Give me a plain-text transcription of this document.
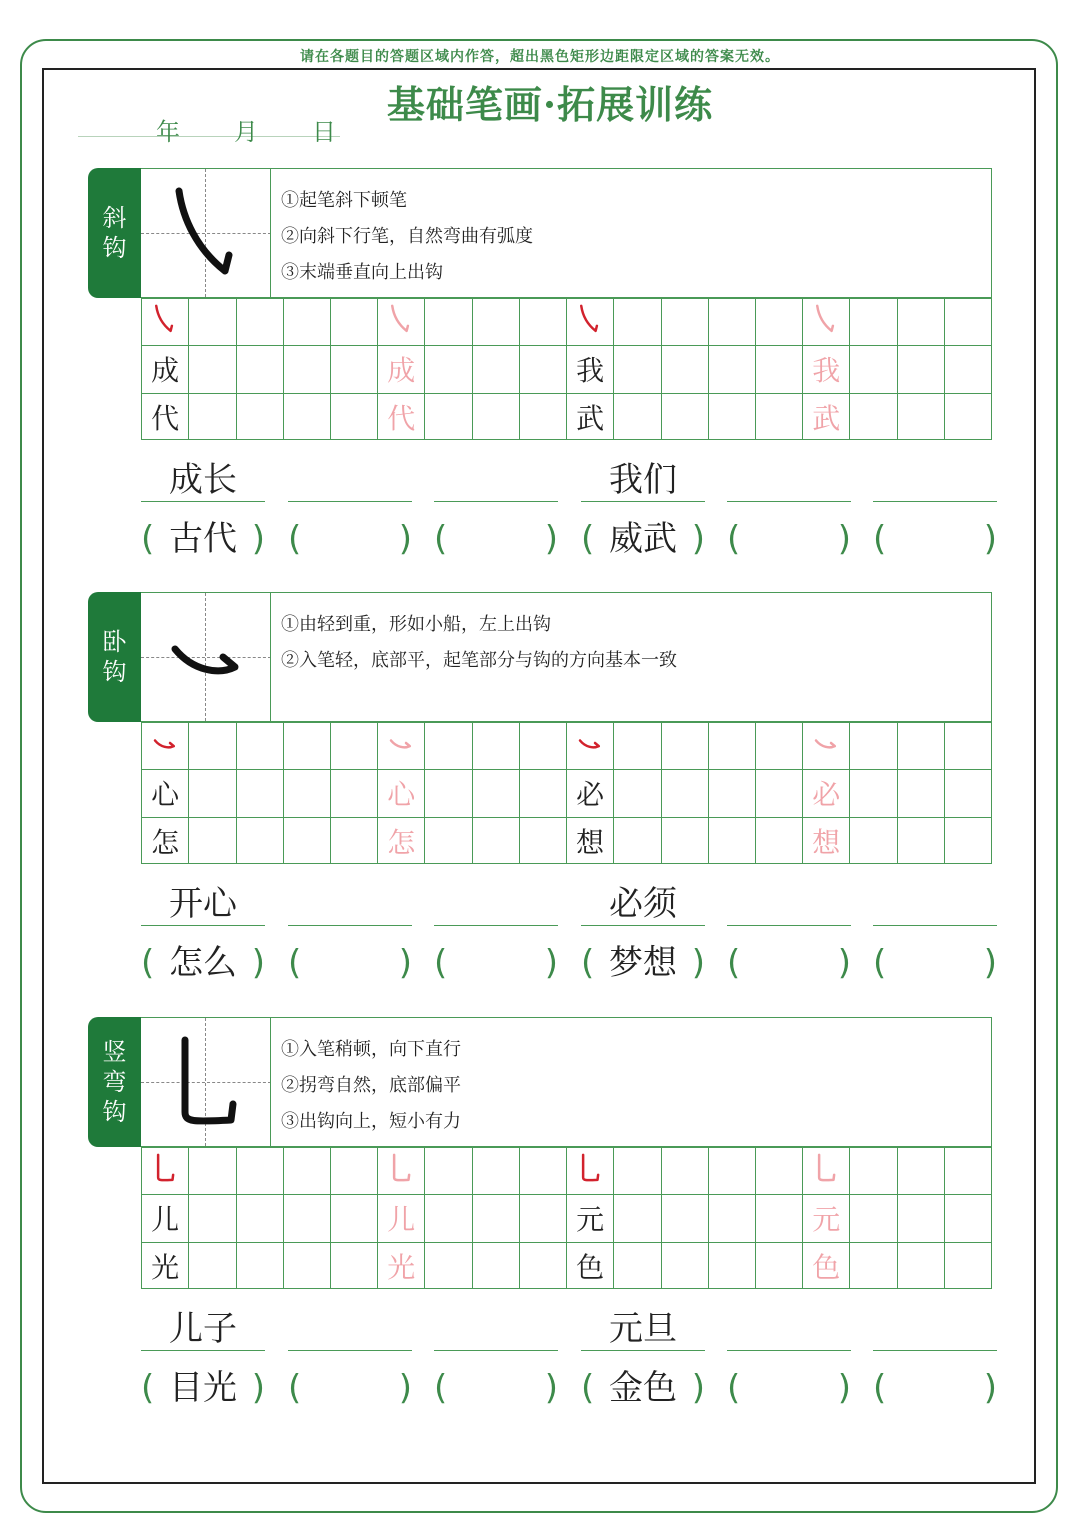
请在各题目的答题区域内作答，超出黑色矩形边距限定区域的答案无效。
基础笔画·拓展训练
年 月 日
斜
钩
①起笔斜下顿笔
②向斜下行笔，自然弯曲有弧度
③末端垂直向上出钩
成	成	我	我
代	代	武	武
成长
(	)
古代 (	) (	)
我们
(	)
威武 (	) (	)
卧
钩
①由轻到重，形如小船，左上出钩
②入笔轻，底部平，起笔部分与钩的方向基本一致
心	心	必	必
怎	怎	想	想
开心
(	)
怎么 (	) (	)
必须
(	)
梦想 (	) (	)
竖
弯
钩
①入笔稍顿，向下直行
②拐弯自然，底部偏平
③出钩向上，短小有力
儿	儿	元	元
光	光	色	色
儿子
(	)
目光 (	) (	)
元旦
(	)
金色 (	) (	)
